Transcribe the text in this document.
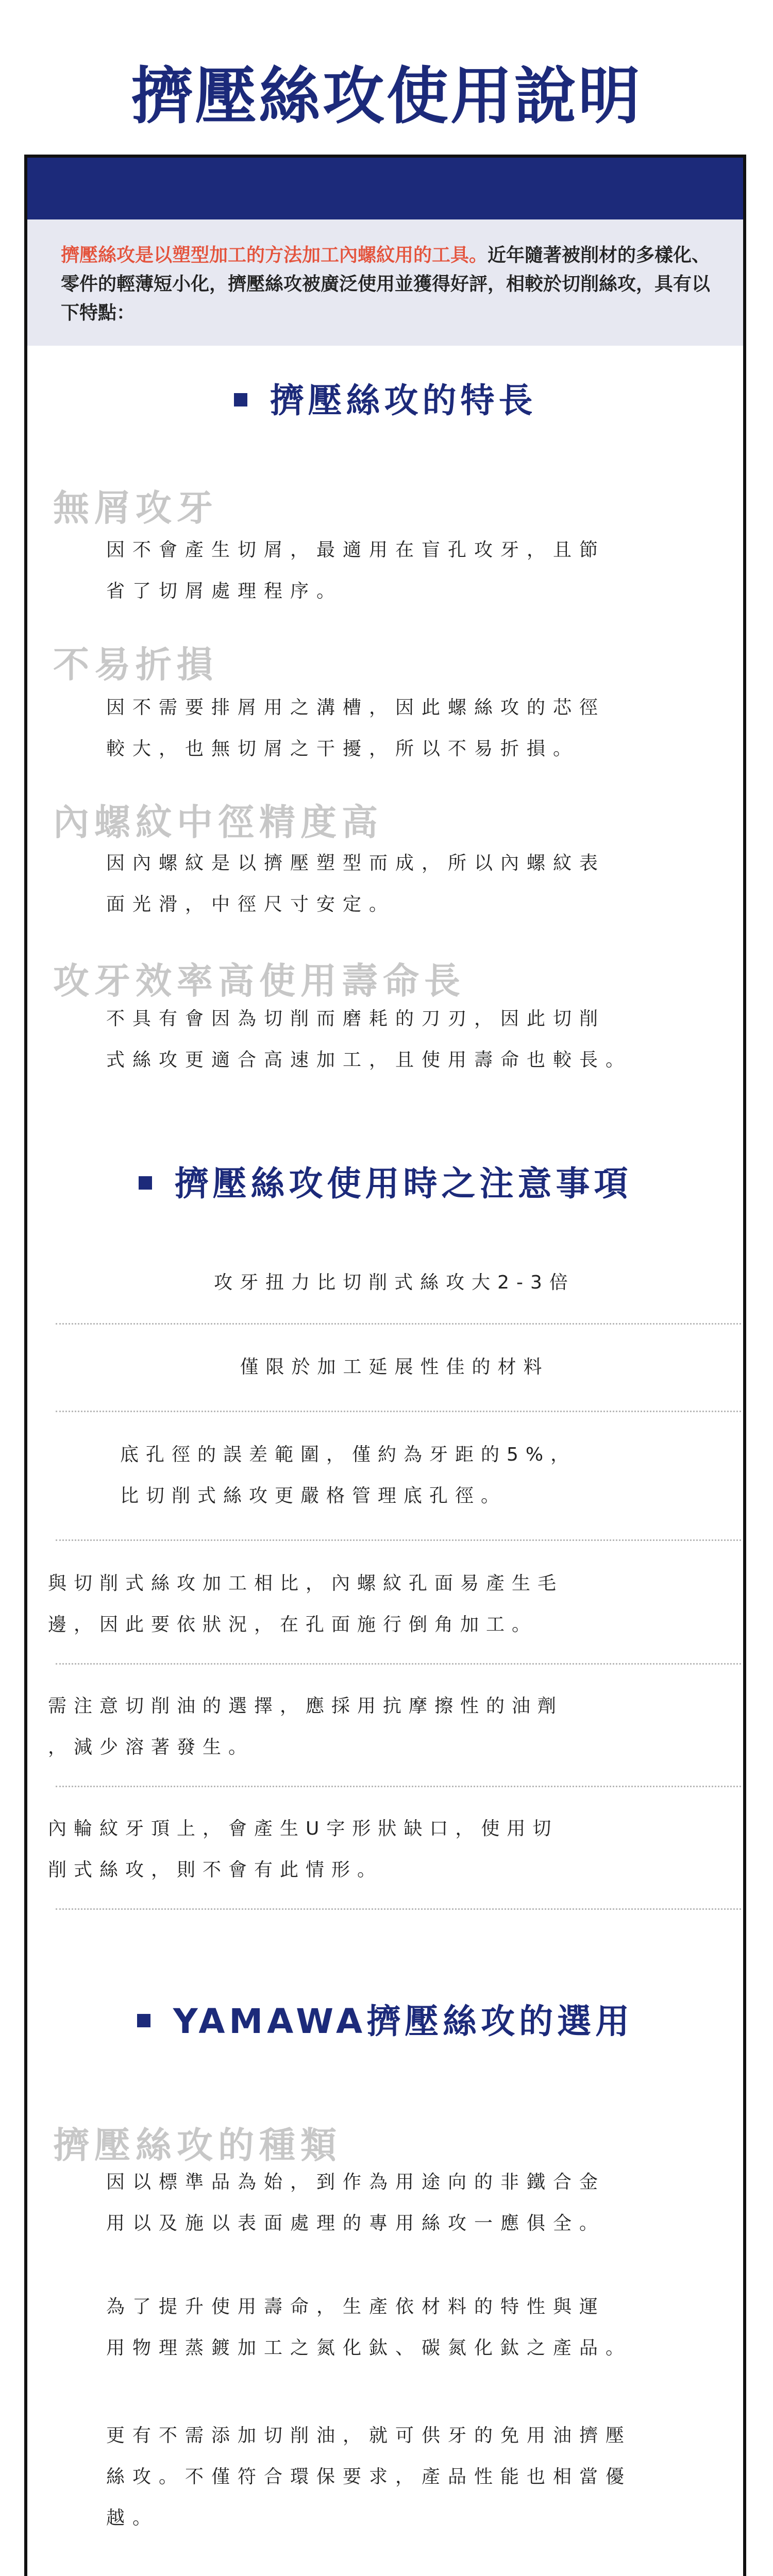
擠壓絲攻使用說明
擠壓絲攻是以塑型加工的方法加工內螺紋用的工具。近年隨著被削材的多樣化、零件的輕薄短小化，擠壓絲攻被廣泛使用並獲得好評，相較於切削絲攻，具有以下特點：
擠壓絲攻的特長
無屑攻牙
因不會產生切屑，最適用在盲孔攻牙，且節
省了切屑處理程序。
不易折損
因不需要排屑用之溝槽，因此螺絲攻的芯徑
較大，也無切屑之干擾，所以不易折損。
內螺紋中徑精度高
因內螺紋是以擠壓塑型而成，所以內螺紋表
面光滑，中徑尺寸安定。
攻牙效率高使用壽命長
不具有會因為切削而磨耗的刀刃，因此切削
式絲攻更適合高速加工，且使用壽命也較長。
擠壓絲攻使用時之注意事項
攻牙扭力比切削式絲攻大2-3倍
僅限於加工延展性佳的材料
底孔徑的誤差範圍，僅約為牙距的5%，
比切削式絲攻更嚴格管理底孔徑。
與切削式絲攻加工相比，內螺紋孔面易產生毛
邊，因此要依狀況，在孔面施行倒角加工。
需注意切削油的選擇，應採用抗摩擦性的油劑
，減少溶著發生。
內輪紋牙頂上，會產生U字形狀缺口，使用切
削式絲攻，則不會有此情形。
YAMAWA擠壓絲攻的選用
擠壓絲攻的種類
因以標準品為始，到作為用途向的非鐵合金
用以及施以表面處理的專用絲攻一應俱全。
為了提升使用壽命，生產依材料的特性與運
用物理蒸鍍加工之氮化鈦、碳氮化鈦之產品。
更有不需添加切削油，就可供牙的免用油擠壓
絲攻。不僅符合環保要求，產品性能也相當優
越。
